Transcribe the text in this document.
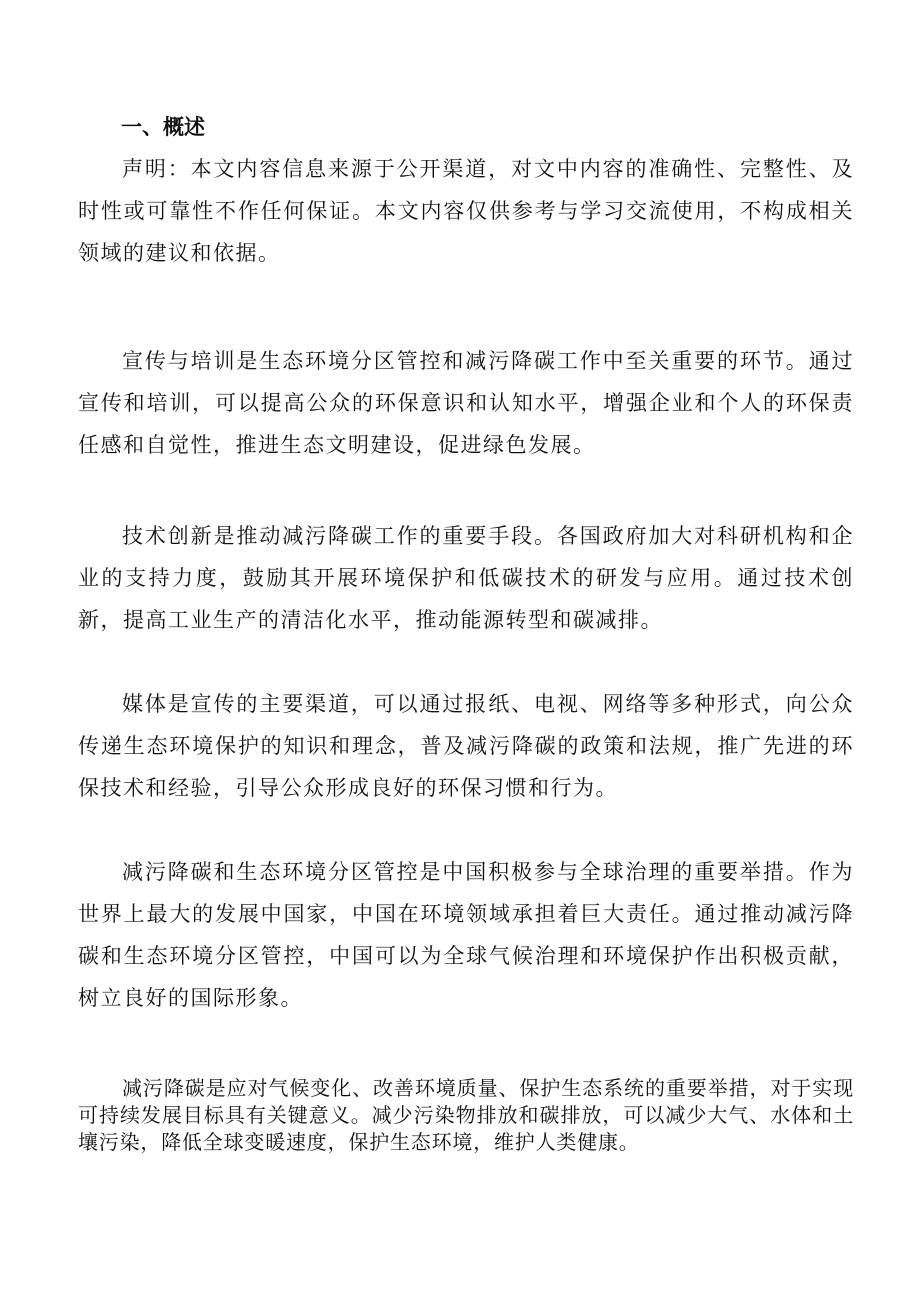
一、概述

声明：本文内容信息来源于公开渠道，对文中内容的准确性、完整性、及时性或可靠性不作任何保证。本文内容仅供参考与学习交流使用，不构成相关领域的建议和依据。

宣传与培训是生态环境分区管控和减污降碳工作中至关重要的环节。通过宣传和培训，可以提高公众的环保意识和认知水平，增强企业和个人的环保责任感和自觉性，推进生态文明建设，促进绿色发展。

技术创新是推动减污降碳工作的重要手段。各国政府加大对科研机构和企业的支持力度，鼓励其开展环境保护和低碳技术的研发与应用。通过技术创新，提高工业生产的清洁化水平，推动能源转型和碳减排。

媒体是宣传的主要渠道，可以通过报纸、电视、网络等多种形式，向公众传递生态环境保护的知识和理念，普及减污降碳的政策和法规，推广先进的环保技术和经验，引导公众形成良好的环保习惯和行为。

减污降碳和生态环境分区管控是中国积极参与全球治理的重要举措。作为世界上最大的发展中国家，中国在环境领域承担着巨大责任。通过推动减污降碳和生态环境分区管控，中国可以为全球气候治理和环境保护作出积极贡献，树立良好的国际形象。

减污降碳是应对气候变化、改善环境质量、保护生态系统的重要举措，对于实现可持续发展目标具有关键意义。减少污染物排放和碳排放，可以减少大气、水体和土壤污染，降低全球变暖速度，保护生态环境，维护人类健康。
